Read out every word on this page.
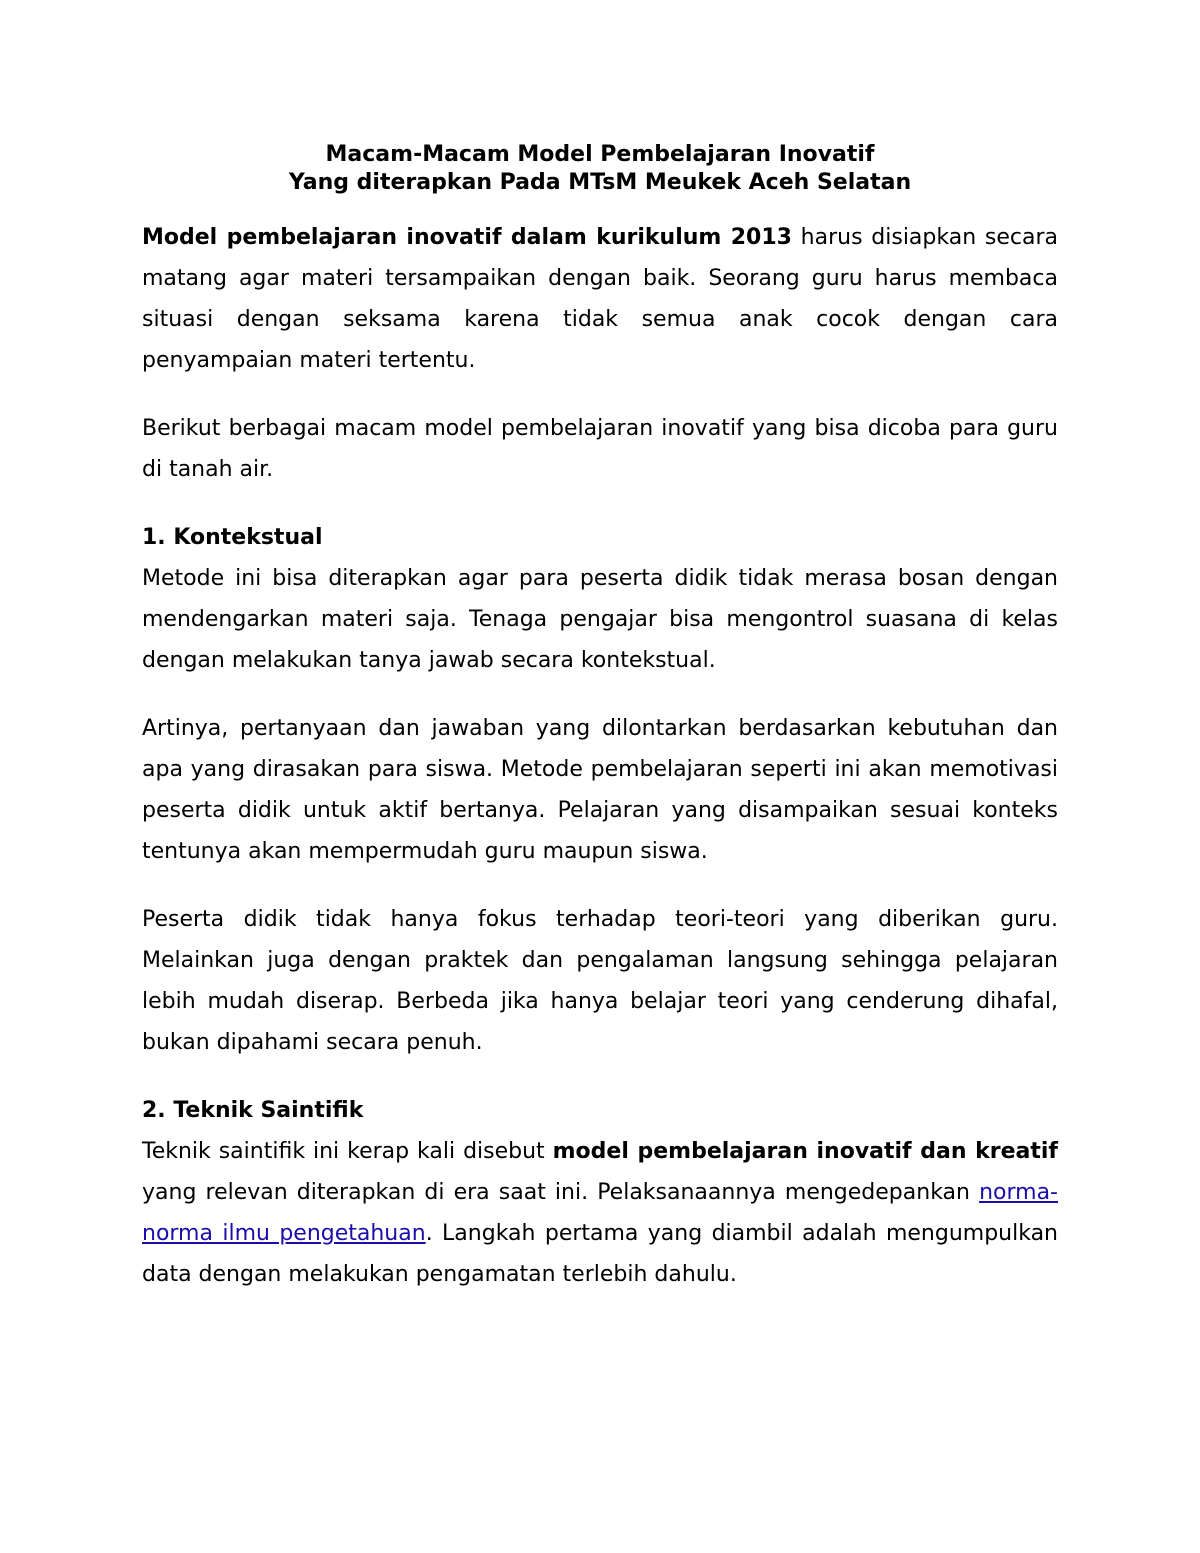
Macam-Macam Model Pembelajaran Inovatif
Yang diterapkan Pada MTsM Meukek Aceh Selatan

Model pembelajaran inovatif dalam kurikulum 2013 harus disiapkan secara matang agar materi tersampaikan dengan baik. Seorang guru harus membaca situasi dengan seksama karena tidak semua anak cocok dengan cara penyampaian materi tertentu.

Berikut berbagai macam model pembelajaran inovatif yang bisa dicoba para guru di tanah air.

1. Kontekstual
Metode ini bisa diterapkan agar para peserta didik tidak merasa bosan dengan mendengarkan materi saja. Tenaga pengajar bisa mengontrol suasana di kelas dengan melakukan tanya jawab secara kontekstual.

Artinya, pertanyaan dan jawaban yang dilontarkan berdasarkan kebutuhan dan apa yang dirasakan para siswa. Metode pembelajaran seperti ini akan memotivasi peserta didik untuk aktif bertanya. Pelajaran yang disampaikan sesuai konteks tentunya akan mempermudah guru maupun siswa.

Peserta didik tidak hanya fokus terhadap teori-teori yang diberikan guru. Melainkan juga dengan praktek dan pengalaman langsung sehingga pelajaran lebih mudah diserap. Berbeda jika hanya belajar teori yang cenderung dihafal, bukan dipahami secara penuh.

2. Teknik Saintifik
Teknik saintifik ini kerap kali disebut model pembelajaran inovatif dan kreatif yang relevan diterapkan di era saat ini. Pelaksanaannya mengedepankan norma-norma ilmu pengetahuan. Langkah pertama yang diambil adalah mengumpulkan data dengan melakukan pengamatan terlebih dahulu.
